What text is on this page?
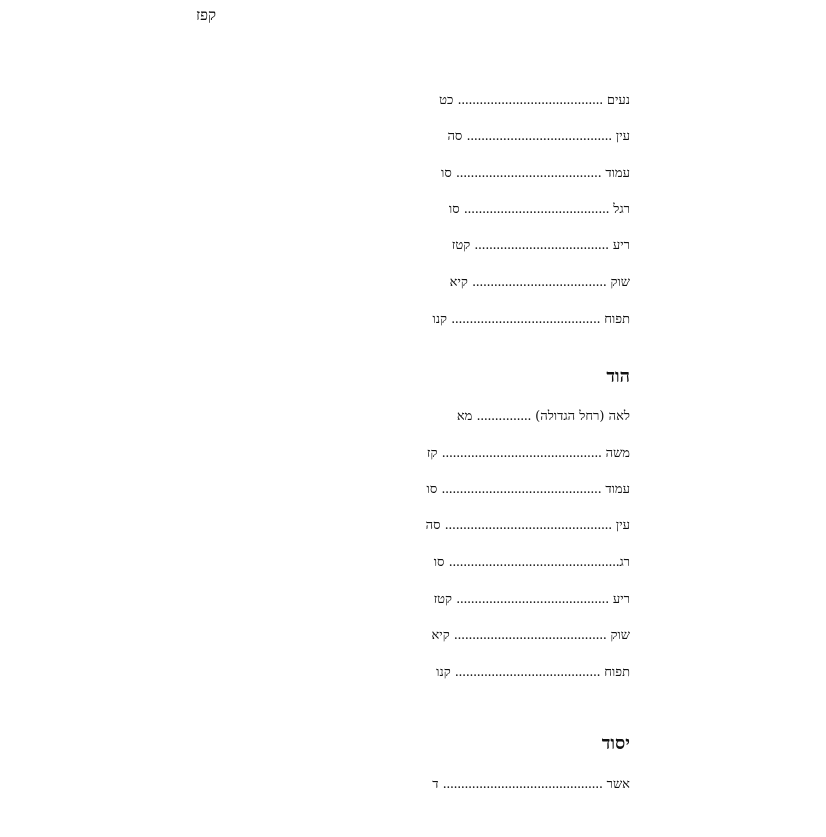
קפז
נעים ........................................ כט
עין ........................................ סה
עמוד ........................................ סו
רגל ........................................ סו
ריע ..................................... קטז
שוק ..................................... קיא
תפוח ......................................... קנו
הוד
לאה (רחל הגדולה) ............... מא
משה ............................................ קז
עמוד ............................................ סו
עין .............................................. סה
רג............................................... סו
ריע .......................................... קטז
שוק .......................................... קיא
תפוח ........................................ קנו
יסוד
אשר ............................................ ד
